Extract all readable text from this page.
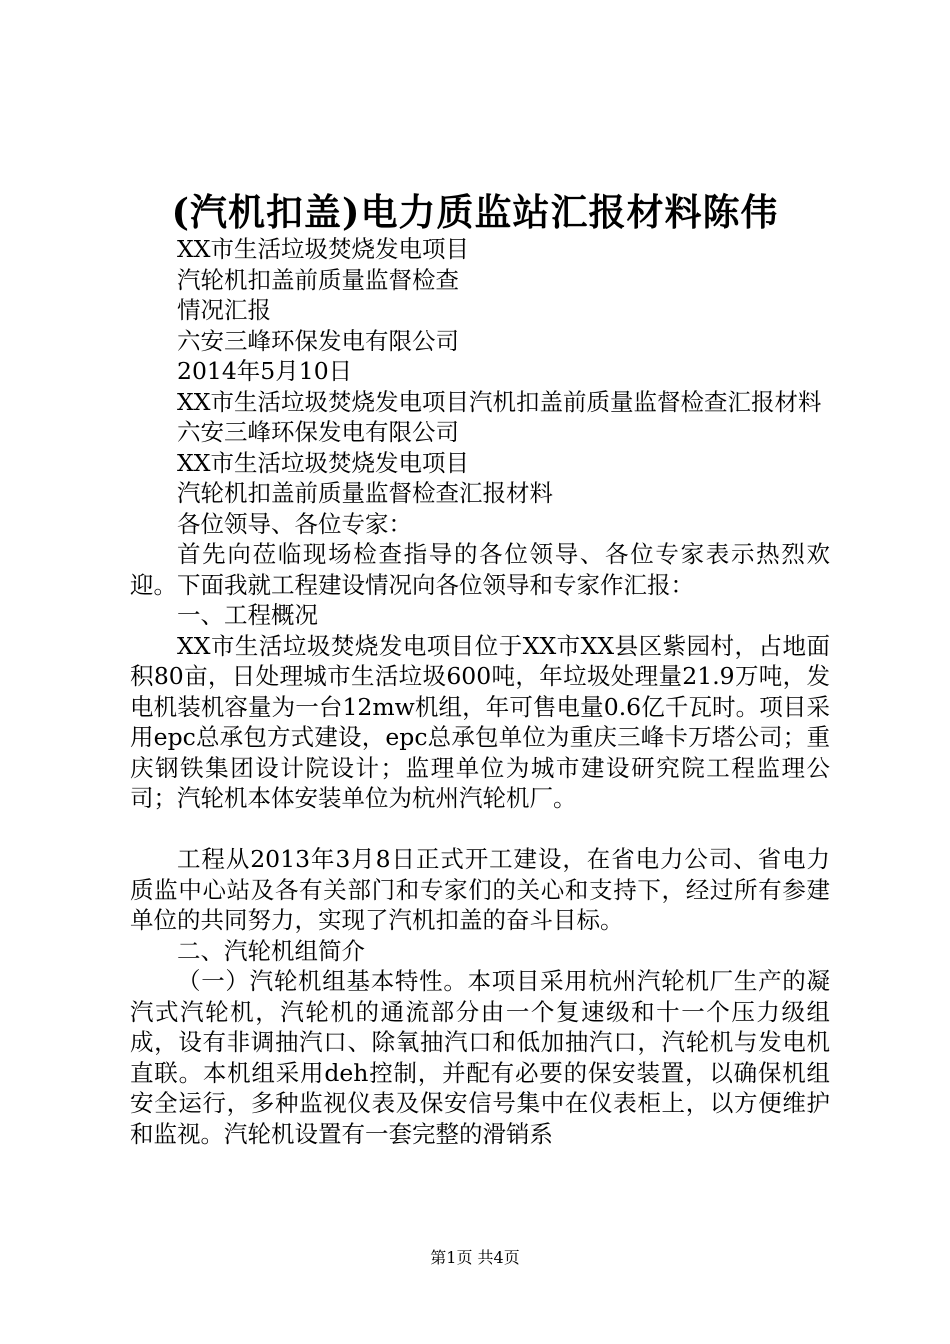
(汽机扣盖)电力质监站汇报材料陈伟

XX市生活垃圾焚烧发电项目

汽轮机扣盖前质量监督检查

情况汇报

六安三峰环保发电有限公司

2014年5月10日

XX市生活垃圾焚烧发电项目汽机扣盖前质量监督检查汇报材料

六安三峰环保发电有限公司

XX市生活垃圾焚烧发电项目

汽轮机扣盖前质量监督检查汇报材料

各位领导、各位专家：

首先向莅临现场检查指导的各位领导、各位专家表示热烈欢迎。下面我就工程建设情况向各位领导和专家作汇报：

一、工程概况

XX市生活垃圾焚烧发电项目位于XX市XX县区紫园村，占地面积80亩，日处理城市生活垃圾600吨，年垃圾处理量21.9万吨，发电机装机容量为一台12mw机组，年可售电量0.6亿千瓦时。项目采用epc总承包方式建设，epc总承包单位为重庆三峰卡万塔公司；重庆钢铁集团设计院设计；监理单位为城市建设研究院工程监理公司；汽轮机本体安装单位为杭州汽轮机厂。

工程从2013年3月8日正式开工建设，在省电力公司、省电力质监中心站及各有关部门和专家们的关心和支持下，经过所有参建单位的共同努力，实现了汽机扣盖的奋斗目标。

二、汽轮机组简介

（一）汽轮机组基本特性。本项目采用杭州汽轮机厂生产的凝汽式汽轮机，汽轮机的通流部分由一个复速级和十一个压力级组成，设有非调抽汽口、除氧抽汽口和低加抽汽口，汽轮机与发电机直联。本机组采用deh控制，并配有必要的保安装置，以确保机组安全运行，多种监视仪表及保安信号集中在仪表柜上，以方便维护和监视。汽轮机设置有一套完整的滑销系

第1页 共4页
